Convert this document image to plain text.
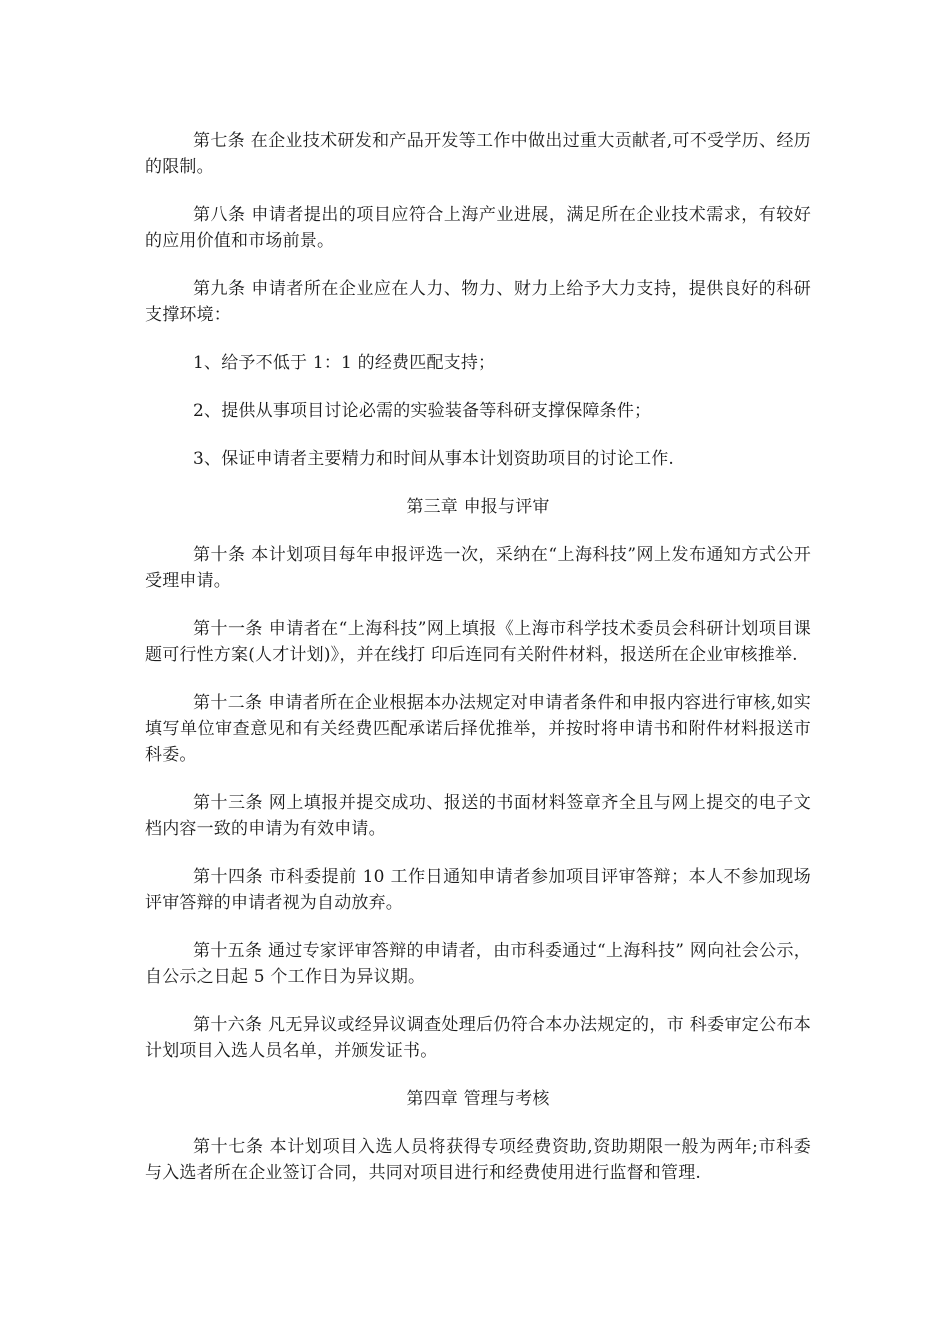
第七条 在企业技术研发和产品开发等工作中做出过重大贡献者,可不受学历、经历的限制。

第八条 申请者提出的项目应符合上海产业进展，满足所在企业技术需求，有较好的应用价值和市场前景。

第九条 申请者所在企业应在人力、物力、财力上给予大力支持，提供良好的科研支撑环境：

1、给予不低于 1：1 的经费匹配支持；

2、提供从事项目讨论必需的实验装备等科研支撑保障条件；

3、保证申请者主要精力和时间从事本计划资助项目的讨论工作.

第三章 申报与评审

第十条 本计划项目每年申报评选一次，采纳在“上海科技”网上发布通知方式公开受理申请。

第十一条 申请者在“上海科技”网上填报《上海市科学技术委员会科研计划项目课题可行性方案(人才计划)》，并在线打 印后连同有关附件材料，报送所在企业审核推举.

第十二条 申请者所在企业根据本办法规定对申请者条件和申报内容进行审核,如实填写单位审查意见和有关经费匹配承诺后择优推举，并按时将申请书和附件材料报送市科委。

第十三条 网上填报并提交成功、报送的书面材料签章齐全且与网上提交的电子文档内容一致的申请为有效申请。

第十四条 市科委提前 10 工作日通知申请者参加项目评审答辩；本人不参加现场评审答辩的申请者视为自动放弃。

第十五条 通过专家评审答辩的申请者，由市科委通过“上海科技” 网向社会公示，自公示之日起 5 个工作日为异议期。

第十六条 凡无异议或经异议调查处理后仍符合本办法规定的，市 科委审定公布本计划项目入选人员名单，并颁发证书。

第四章 管理与考核

第十七条 本计划项目入选人员将获得专项经费资助,资助期限一般为两年;市科委与入选者所在企业签订合同，共同对项目进行和经费使用进行监督和管理.
